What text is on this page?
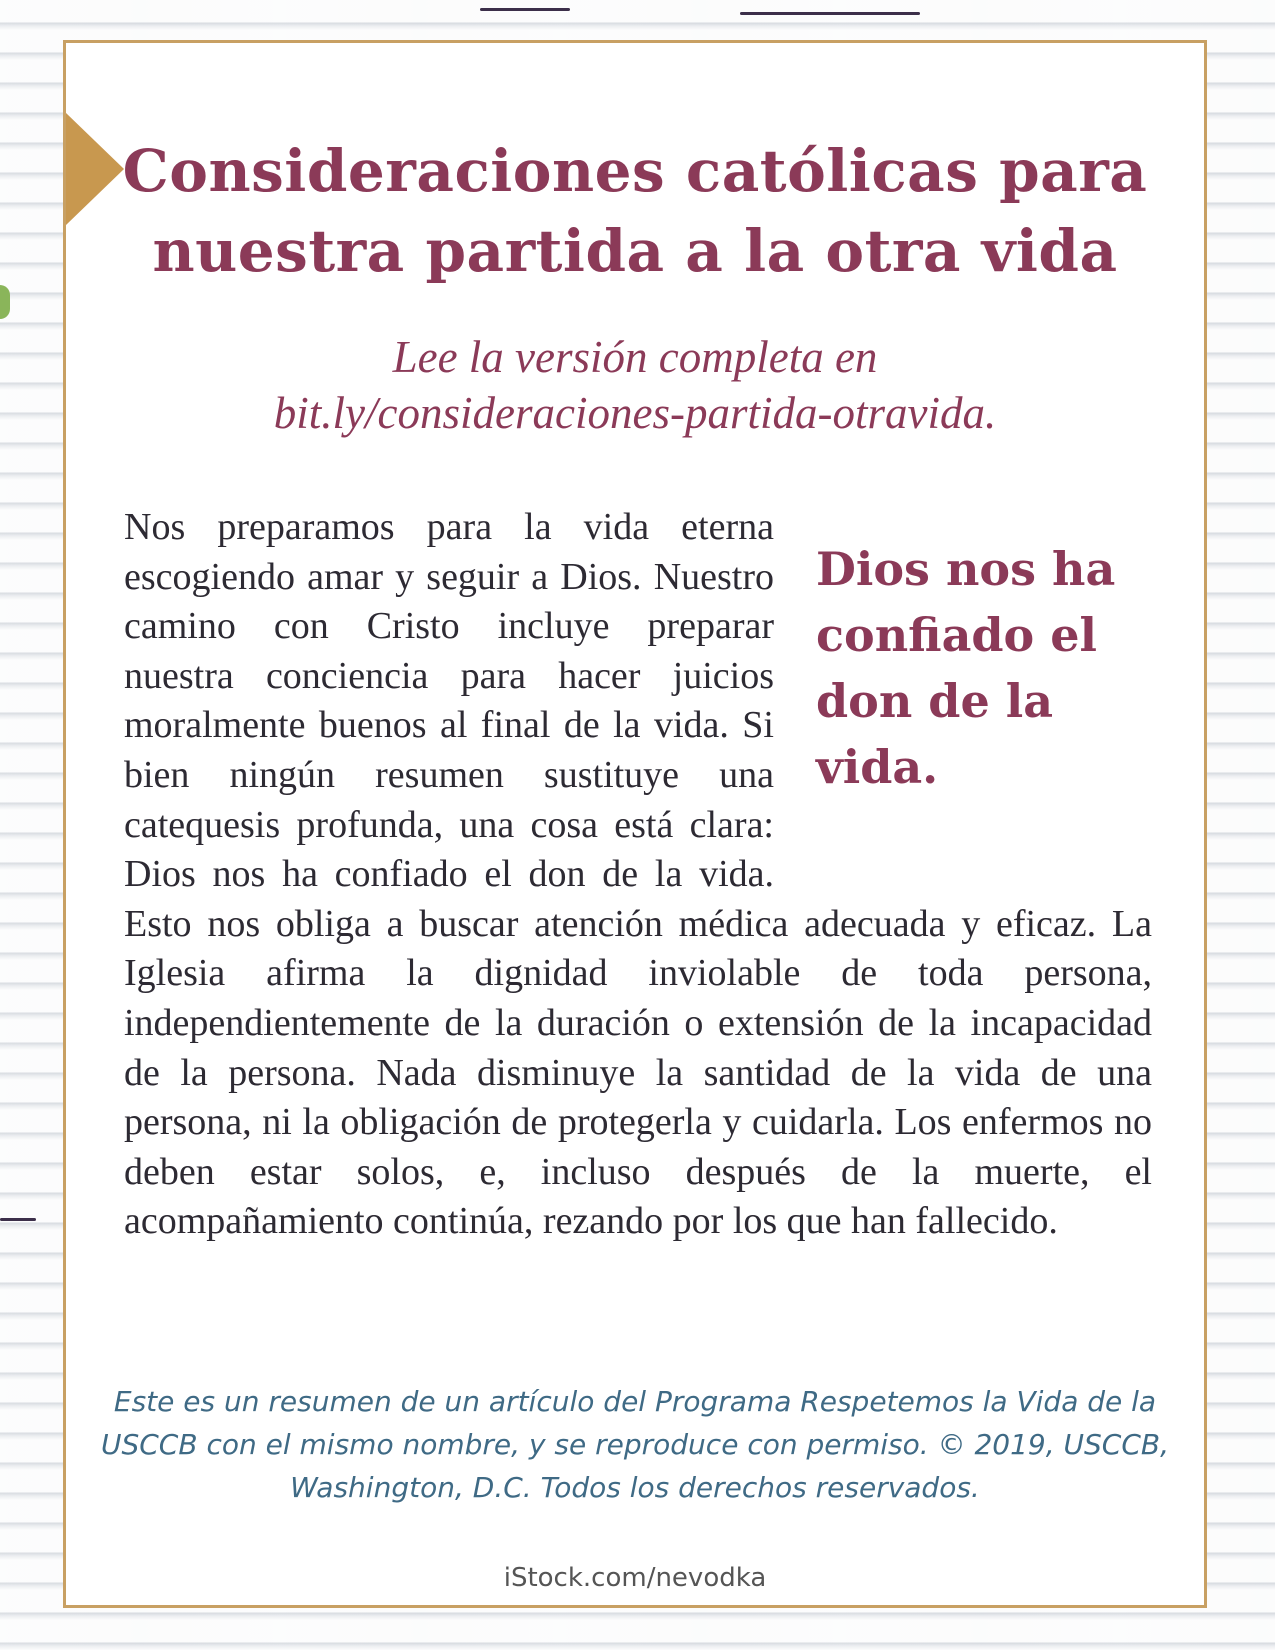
Consideraciones católicas para nuestra partida a la otra vida
Lee la versión completa en
bit.ly/consideraciones-partida-otravida.
Dios nos ha confiado el don de la vida.
Nos preparamos para la vida eterna escogiendo amar y seguir a Dios. Nuestro camino con Cristo incluye preparar nuestra conciencia para hacer juicios moralmente buenos al final de la vida. Si bien ningún resumen sustituye una catequesis profunda, una cosa está clara: Dios nos ha confiado el don de la vida. Esto nos obliga a buscar atención médica adecuada y eficaz. La Iglesia afirma la dignidad inviolable de toda persona, independientemente de la duración o extensión de la incapacidad de la persona. Nada disminuye la santidad de la vida de una persona, ni la obligación de protegerla y cuidarla. Los enfermos no deben estar solos, e, incluso después de la muerte, el acompañamiento continúa, rezando por los que han fallecido.
Este es un resumen de un artículo del Programa Respetemos la Vida de la USCCB con el mismo nombre, y se reproduce con permiso. © 2019, USCCB, Washington, D.C. Todos los derechos reservados.
iStock.com/nevodka
